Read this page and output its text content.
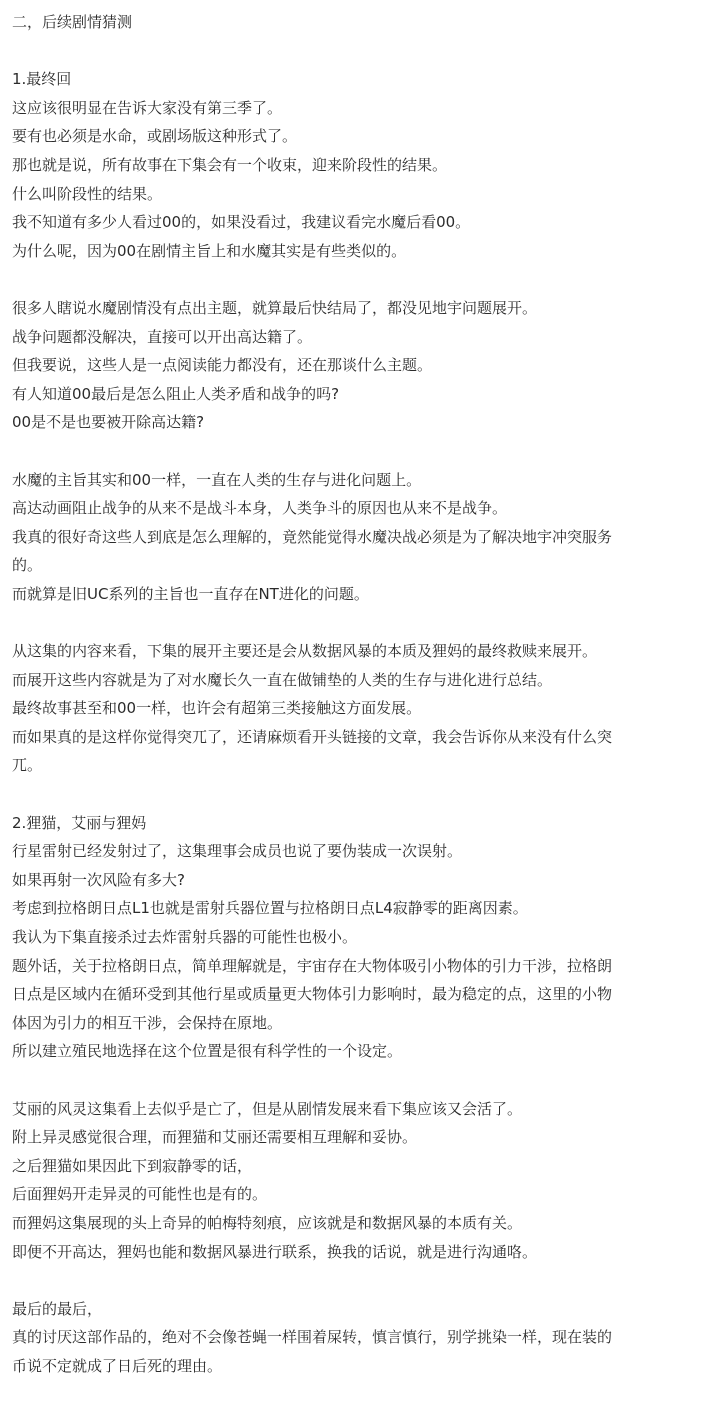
二，后续剧情猜测
1.最终回
这应该很明显在告诉大家没有第三季了。
要有也必须是水命，或剧场版这种形式了。
那也就是说，所有故事在下集会有一个收束，迎来阶段性的结果。
什么叫阶段性的结果。
我不知道有多少人看过00的，如果没看过，我建议看完水魔后看00。
为什么呢，因为00在剧情主旨上和水魔其实是有些类似的。
很多人瞎说水魔剧情没有点出主题，就算最后快结局了，都没见地宇问题展开。
战争问题都没解决，直接可以开出高达籍了。
但我要说，这些人是一点阅读能力都没有，还在那谈什么主题。
有人知道00最后是怎么阻止人类矛盾和战争的吗?
00是不是也要被开除高达籍?
水魔的主旨其实和00一样，一直在人类的生存与进化问题上。
高达动画阻止战争的从来不是战斗本身，人类争斗的原因也从来不是战争。
我真的很好奇这些人到底是怎么理解的，竟然能觉得水魔决战必须是为了解决地宇冲突服务
的。
而就算是旧UC系列的主旨也一直存在NT进化的问题。
从这集的内容来看，下集的展开主要还是会从数据风暴的本质及狸妈的最终救赎来展开。
而展开这些内容就是为了对水魔长久一直在做铺垫的人类的生存与进化进行总结。
最终故事甚至和00一样，也许会有超第三类接触这方面发展。
而如果真的是这样你觉得突兀了，还请麻烦看开头链接的文章，我会告诉你从来没有什么突
兀。
2.狸猫，艾丽与狸妈
行星雷射已经发射过了，这集理事会成员也说了要伪装成一次误射。
如果再射一次风险有多大?
考虑到拉格朗日点L1也就是雷射兵器位置与拉格朗日点L4寂静零的距离因素。
我认为下集直接杀过去炸雷射兵器的可能性也极小。
题外话，关于拉格朗日点，简单理解就是，宇宙存在大物体吸引小物体的引力干涉，拉格朗
日点是区域内在循环受到其他行星或质量更大物体引力影响时，最为稳定的点，这里的小物
体因为引力的相互干涉，会保持在原地。
所以建立殖民地选择在这个位置是很有科学性的一个设定。
艾丽的风灵这集看上去似乎是亡了，但是从剧情发展来看下集应该又会活了。
附上异灵感觉很合理，而狸猫和艾丽还需要相互理解和妥协。
之后狸猫如果因此下到寂静零的话，
后面狸妈开走异灵的可能性也是有的。
而狸妈这集展现的头上奇异的帕梅特刻痕，应该就是和数据风暴的本质有关。
即便不开高达，狸妈也能和数据风暴进行联系，换我的话说，就是进行沟通咯。
最后的最后，
真的讨厌这部作品的，绝对不会像苍蝇一样围着屎转，慎言慎行，别学挑染一样，现在装的
币说不定就成了日后死的理由。
